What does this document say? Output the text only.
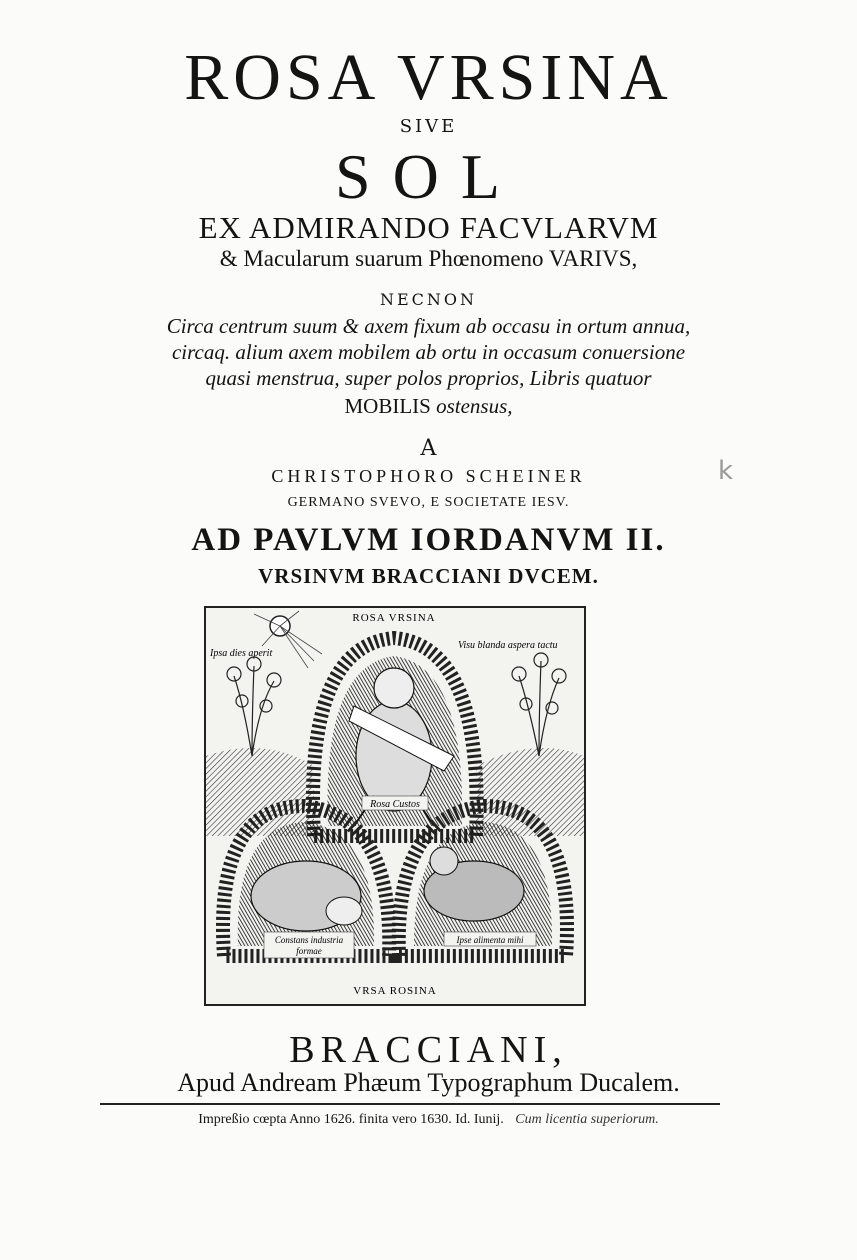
ROSA VRSINA
SIVE
SOL
EX ADMIRANDO FACVLARVM
& Macularum suarum Phœnomeno VARIVS,
NECNON
Circa centrum suum & axem fixum ab occasu in ortum annua,
circaq. alium axem mobilem ab ortu in occasum conuersione
quasi menstrua, super polos proprios, Libris quatuor
MOBILIS ostensus,
A
CHRISTOPHORO SCHEINER
GERMANO SVEVO, E SOCIETATE IESV.
AD PAVLVM IORDANVM II.
VRSINVM BRACCIANI DVCEM.
k
ROSA VRSINA
Ipsa dies aperit
Visu blanda aspera tactu
Rosa Custos
Constans industria
formae
Ipse alimenta mihi
VRSA ROSINA
BRACCIANI,
Apud Andream Phæum Typographum Ducalem.
Impreßio cœpta Anno 1626. finita vero 1630. Id. Iunij. Cum licentia superiorum.
